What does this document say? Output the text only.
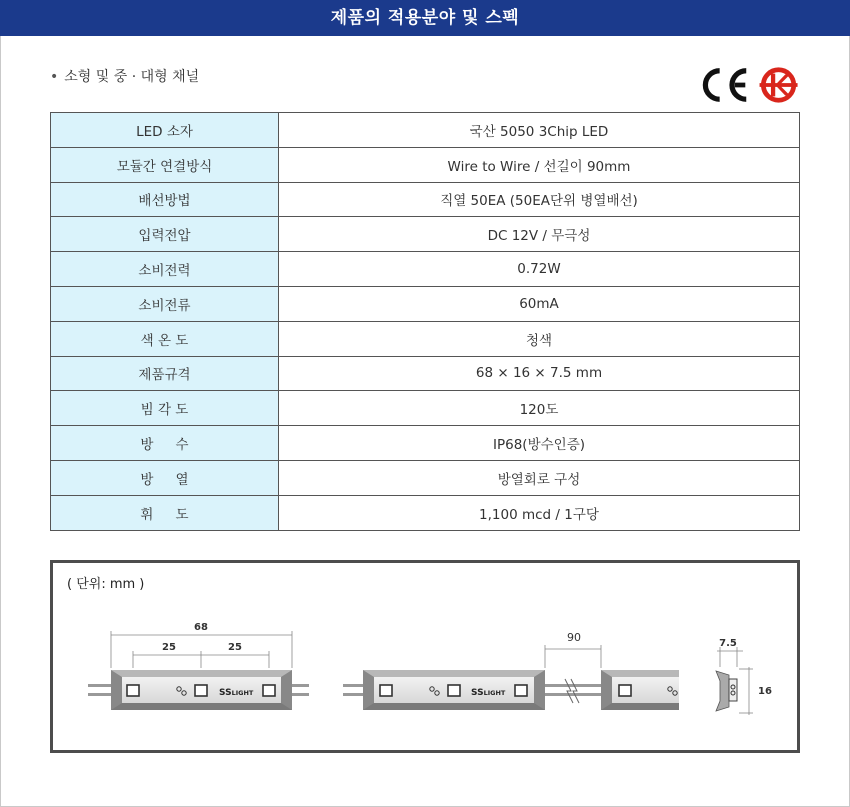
제품의 적용분야 및 스펙
• 소형 및 중 · 대형 채널
LED 소자	국산 5050 3Chip LED
모듈간 연결방식	Wire to Wire / 선길이 90mm
배선방법	직열 50EA (50EA단위 병열배선)
입력전압	DC 12V / 무극성
소비전력	0.72W
소비전류	60mA
색 온 도	청색
제품규격	68 × 16 × 7.5 mm
빔 각 도	120도
방 　 수	IP68(방수인증)
방 　 열	방열회로 구성
휘 　 도	1,100 mcd / 1구당
( 단위: mm )
SSLIGHT
68
25	25
SSLIGHT
90	7.5
16
